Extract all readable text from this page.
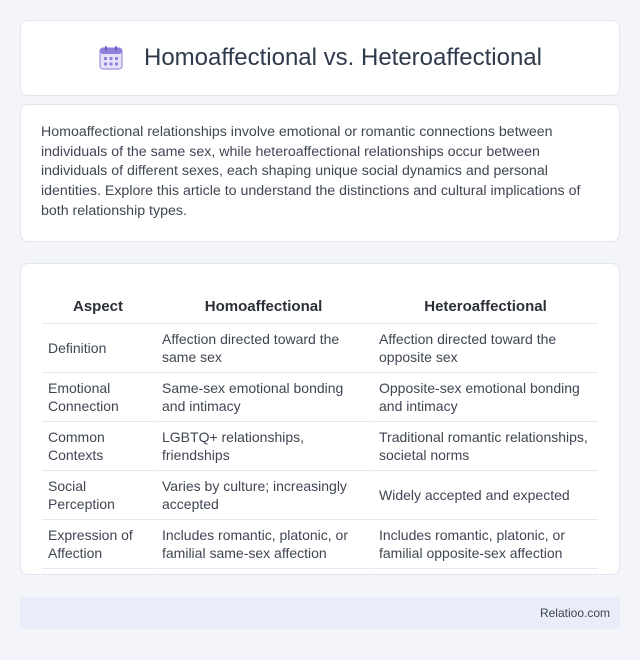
Homoaffectional vs. Heteroaffectional

Homoaffectional relationships involve emotional or romantic connections between individuals of the same sex, while heteroaffectional relationships occur between individuals of different sexes, each shaping unique social dynamics and personal identities. Explore this article to understand the distinctions and cultural implications of both relationship types.

Aspect	Homoaffectional	Heteroaffectional
Definition	Affection directed toward the same sex	Affection directed toward the opposite sex
Emotional Connection	Same-sex emotional bonding and intimacy	Opposite-sex emotional bonding and intimacy
Common Contexts	LGBTQ+ relationships, friendships	Traditional romantic relationships, societal norms
Social Perception	Varies by culture; increasingly accepted	Widely accepted and expected
Expression of Affection	Includes romantic, platonic, or familial same-sex affection	Includes romantic, platonic, or familial opposite-sex affection
Relatioo.com
